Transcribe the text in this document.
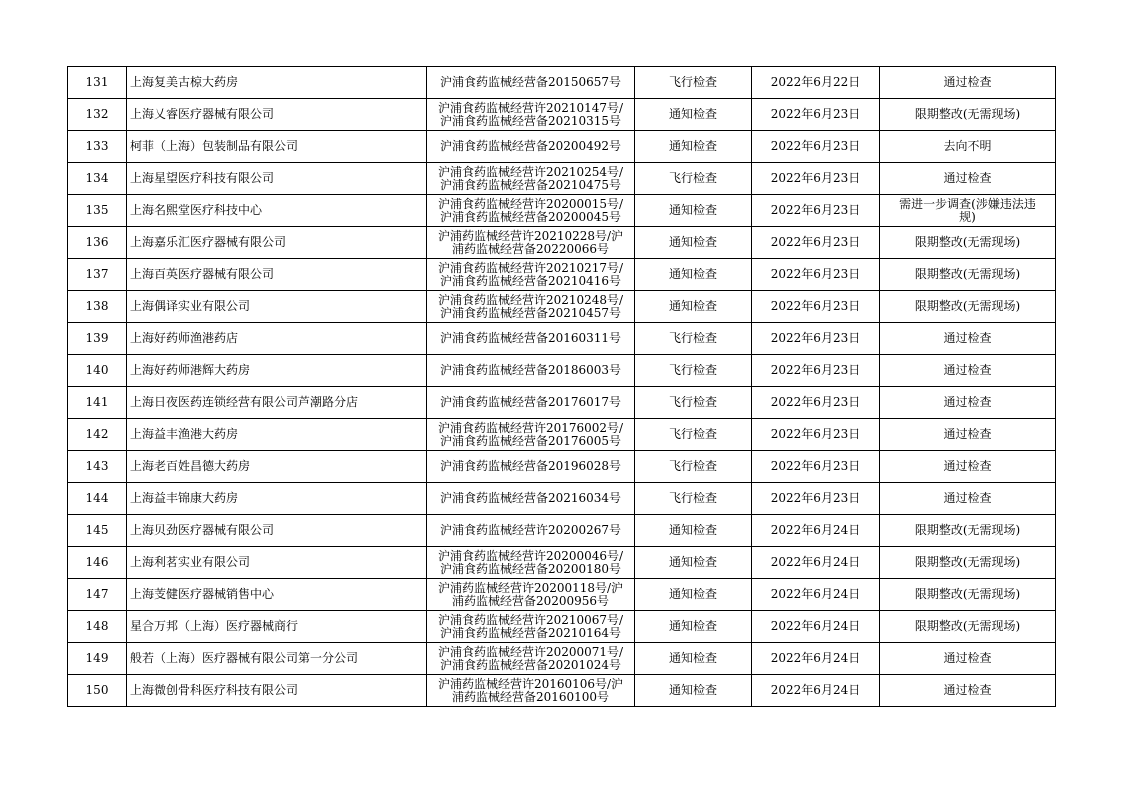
131	上海复美古椋大药房	沪浦食药监械经营备20150657号	飞行检查	2022年6月22日	通过检查
132	上海乂睿医疗器械有限公司	沪浦食药监械经营许20210147号/
沪浦食药监械经营备20210315号	通知检查	2022年6月23日	限期整改(无需现场)
133	柯菲（上海）包装制品有限公司	沪浦食药监械经营备20200492号	通知检查	2022年6月23日	去向不明
134	上海星望医疗科技有限公司	沪浦食药监械经营许20210254号/
沪浦食药监械经营备20210475号	飞行检查	2022年6月23日	通过检查
135	上海名熙堂医疗科技中心	沪浦食药监械经营许20200015号/
沪浦食药监械经营备20200045号	通知检查	2022年6月23日	需进一步调查(涉嫌违法违
规)
136	上海嘉乐汇医疗器械有限公司	沪浦药监械经营许20210228号/沪
浦药监械经营备20220066号	通知检查	2022年6月23日	限期整改(无需现场)
137	上海百英医疗器械有限公司	沪浦食药监械经营许20210217号/
沪浦食药监械经营备20210416号	通知检查	2022年6月23日	限期整改(无需现场)
138	上海偶译实业有限公司	沪浦食药监械经营许20210248号/
沪浦食药监械经营备20210457号	通知检查	2022年6月23日	限期整改(无需现场)
139	上海好药师渔港药店	沪浦食药监械经营备20160311号	飞行检查	2022年6月23日	通过检查
140	上海好药师港辉大药房	沪浦食药监械经营备20186003号	飞行检查	2022年6月23日	通过检查
141	上海日夜医药连锁经营有限公司芦潮路分店	沪浦食药监械经营备20176017号	飞行检查	2022年6月23日	通过检查
142	上海益丰渔港大药房	沪浦食药监械经营许20176002号/
沪浦食药监械经营备20176005号	飞行检查	2022年6月23日	通过检查
143	上海老百姓昌德大药房	沪浦食药监械经营备20196028号	飞行检查	2022年6月23日	通过检查
144	上海益丰锦康大药房	沪浦食药监械经营备20216034号	飞行检查	2022年6月23日	通过检查
145	上海贝劲医疗器械有限公司	沪浦食药监械经营许20200267号	通知检查	2022年6月24日	限期整改(无需现场)
146	上海利茗实业有限公司	沪浦食药监械经营许20200046号/
沪浦食药监械经营备20200180号	通知检查	2022年6月24日	限期整改(无需现场)
147	上海芰健医疗器械销售中心	沪浦药监械经营许20200118号/沪
浦药监械经营备20200956号	通知检查	2022年6月24日	限期整改(无需现场)
148	星合万邦（上海）医疗器械商行	沪浦食药监械经营许20210067号/
沪浦食药监械经营备20210164号	通知检查	2022年6月24日	限期整改(无需现场)
149	般若（上海）医疗器械有限公司第一分公司	沪浦食药监械经营许20200071号/
沪浦食药监械经营备20201024号	通知检查	2022年6月24日	通过检查
150	上海微创骨科医疗科技有限公司	沪浦药监械经营许20160106号/沪
浦药监械经营备20160100号	通知检查	2022年6月24日	通过检查
